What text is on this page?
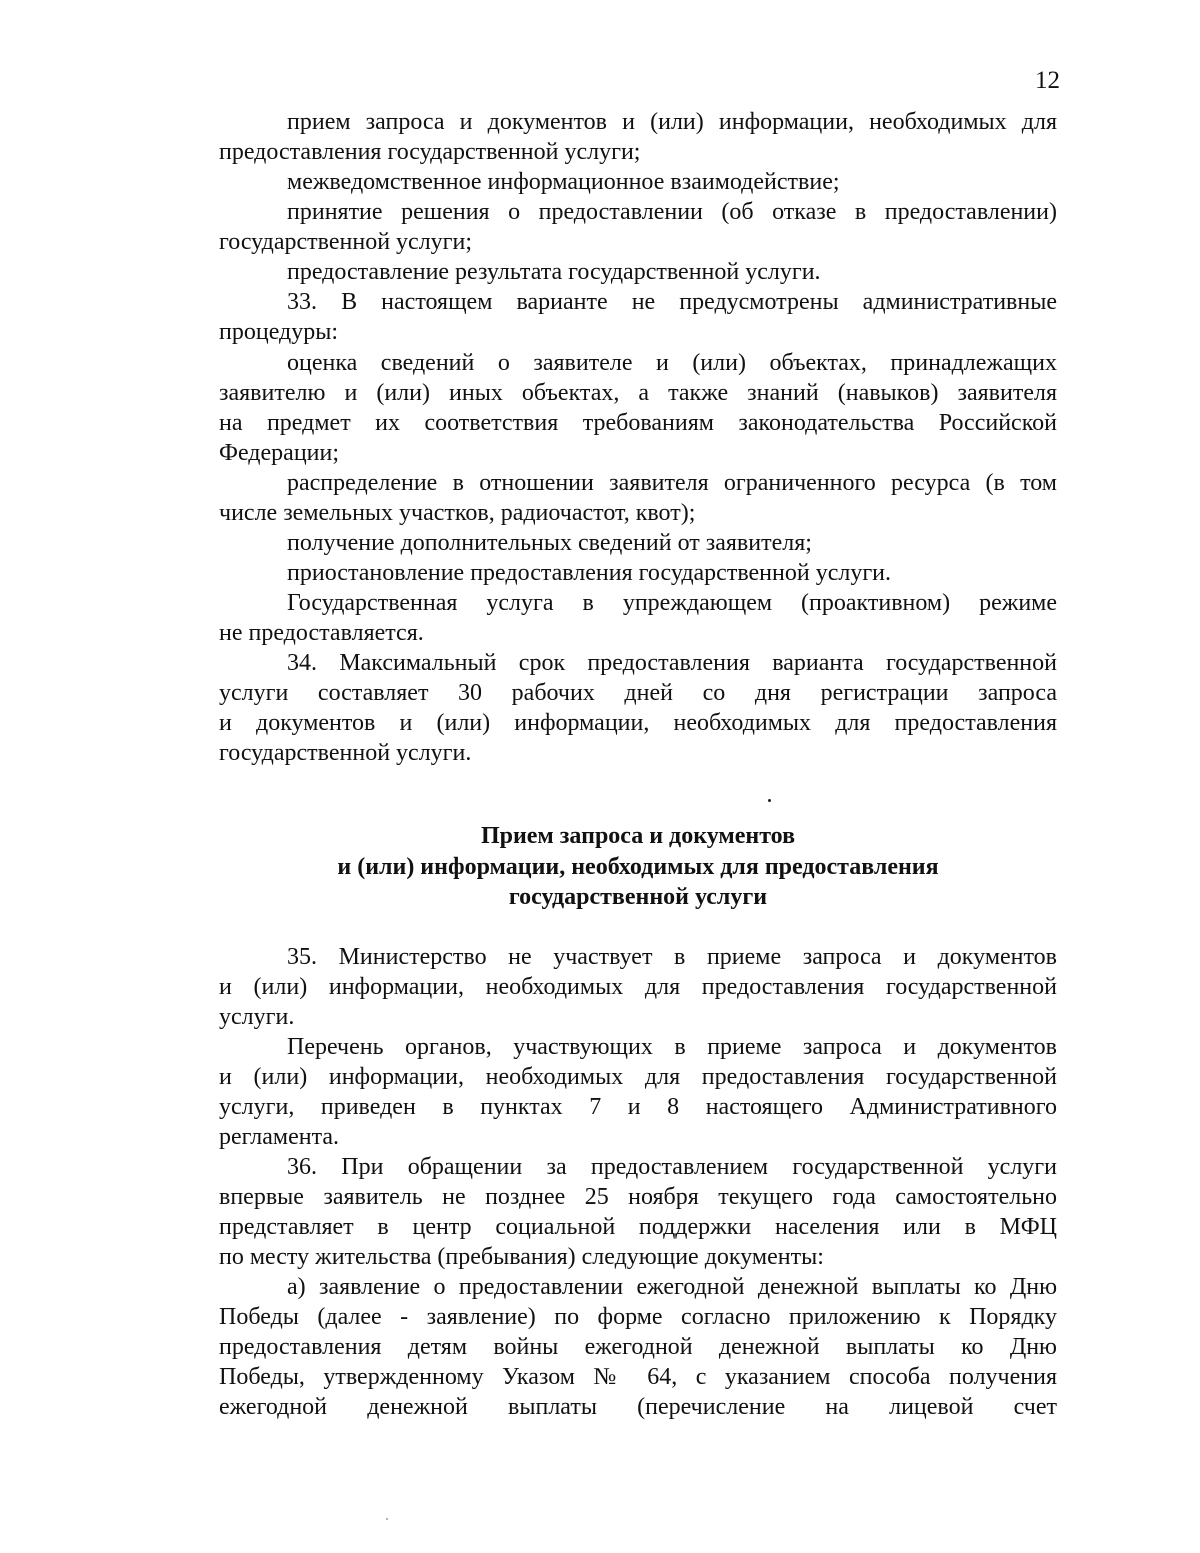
12
прием запроса и документов и (или) информации, необходимых для
предоставления государственной услуги;
межведомственное информационное взаимодействие;
принятие решения о предоставлении (об отказе в предоставлении)
государственной услуги;
предоставление результата государственной услуги.
33. В настоящем варианте не предусмотрены административные
процедуры:
оценка сведений о заявителе и (или) объектах, принадлежащих
заявителю и (или) иных объектах, а также знаний (навыков) заявителя
на предмет их соответствия требованиям законодательства Российской
Федерации;
распределение в отношении заявителя ограниченного ресурса (в том
числе земельных участков, радиочастот, квот);
получение дополнительных сведений от заявителя;
приостановление предоставления государственной услуги.
Государственная услуга в упреждающем (проактивном) режиме
не предоставляется.
34. Максимальный срок предоставления варианта государственной
услуги составляет 30 рабочих дней со дня регистрации запроса
и документов и (или) информации, необходимых для предоставления
государственной услуги.
Прием запроса и документов
и (или) информации, необходимых для предоставления
государственной услуги
35. Министерство не участвует в приеме запроса и документов
и (или) информации, необходимых для предоставления государственной
услуги.
Перечень органов, участвующих в приеме запроса и документов
и (или) информации, необходимых для предоставления государственной
услуги, приведен в пунктах 7 и 8 настоящего Административного
регламента.
36. При обращении за предоставлением государственной услуги
впервые заявитель не позднее 25 ноября текущего года самостоятельно
представляет в центр социальной поддержки населения или в МФЦ
по месту жительства (пребывания) следующие документы:
а) заявление о предоставлении ежегодной денежной выплаты ко Дню
Победы (далее - заявление) по форме согласно приложению к Порядку
предоставления детям войны ежегодной денежной выплаты ко Дню
Победы, утвержденному Указом № 64, с указанием способа получения
ежегодной денежной выплаты (перечисление на лицевой счет
